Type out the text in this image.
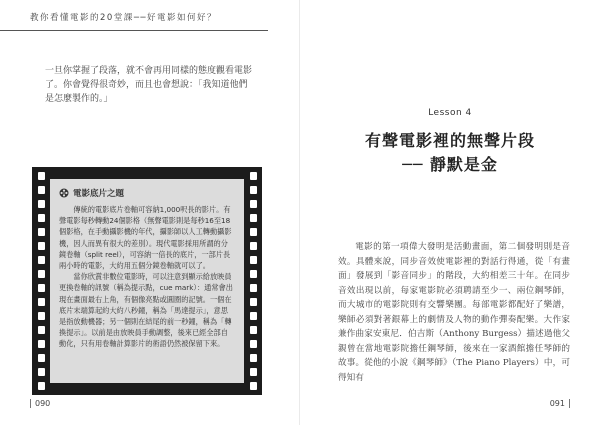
教你看懂電影的20堂課──好電影如何好？

一旦你掌握了段落，就不會再用同樣的態度觀看電影了。你會覺得很奇妙，而且也會想說：「我知道他們是怎麼製作的。」

電影底片之題

傳統的電影底片卷軸可容納1,000呎長的影片。有聲電影每秒轉動24個影格（無聲電影則是每秒16至18個影格，在手動攝影機的年代，攝影師以人工轉動攝影機，因人而異有很大的差別）。現代電影採用所謂的分鏡卷軸（split reel），可容納一倍長的底片，一部片長兩小時的電影，大約用五個分鏡卷軸就可以了。

當你欣賞非數位電影時，可以注意到顯示給放映員更換卷軸的訊號（稱為提示點，cue mark）：通常會出現在畫面最右上角，有個像亮點或圓圈的記號。一個在底片末端算起約大約八秒鐘，稱為「馬達提示」，意思是指放動機器；另一個則在結尾的前一秒鐘，稱為「轉換提示」。以前是由放映員手動調整，後來已經全部自動化，只有用卷軸計算影片的術語仍然被保留下來。

090
Lesson 4
有聲電影裡的無聲片段
── 靜默是金

電影的第一項偉大發明是活動畫面，第二個發明則是音效。具體來說，同步音效使電影裡的對話行得通，從「有畫面」發展到「影音同步」的階段，大約相差三十年。在同步音效出現以前，每家電影院必須聘請至少一、兩位鋼琴師，而大城市的電影院則有交響樂團。每部電影都配好了樂譜，樂師必須對著銀幕上的劇情及人物的動作彈奏配樂。大作家兼作曲家安東尼．伯吉斯（Anthony Burgess）描述過他父親曾在當地電影院擔任鋼琴師，後來在一家酒館擔任琴師的故事。從他的小說《鋼琴師》（The Piano Players）中，可得知有

091
